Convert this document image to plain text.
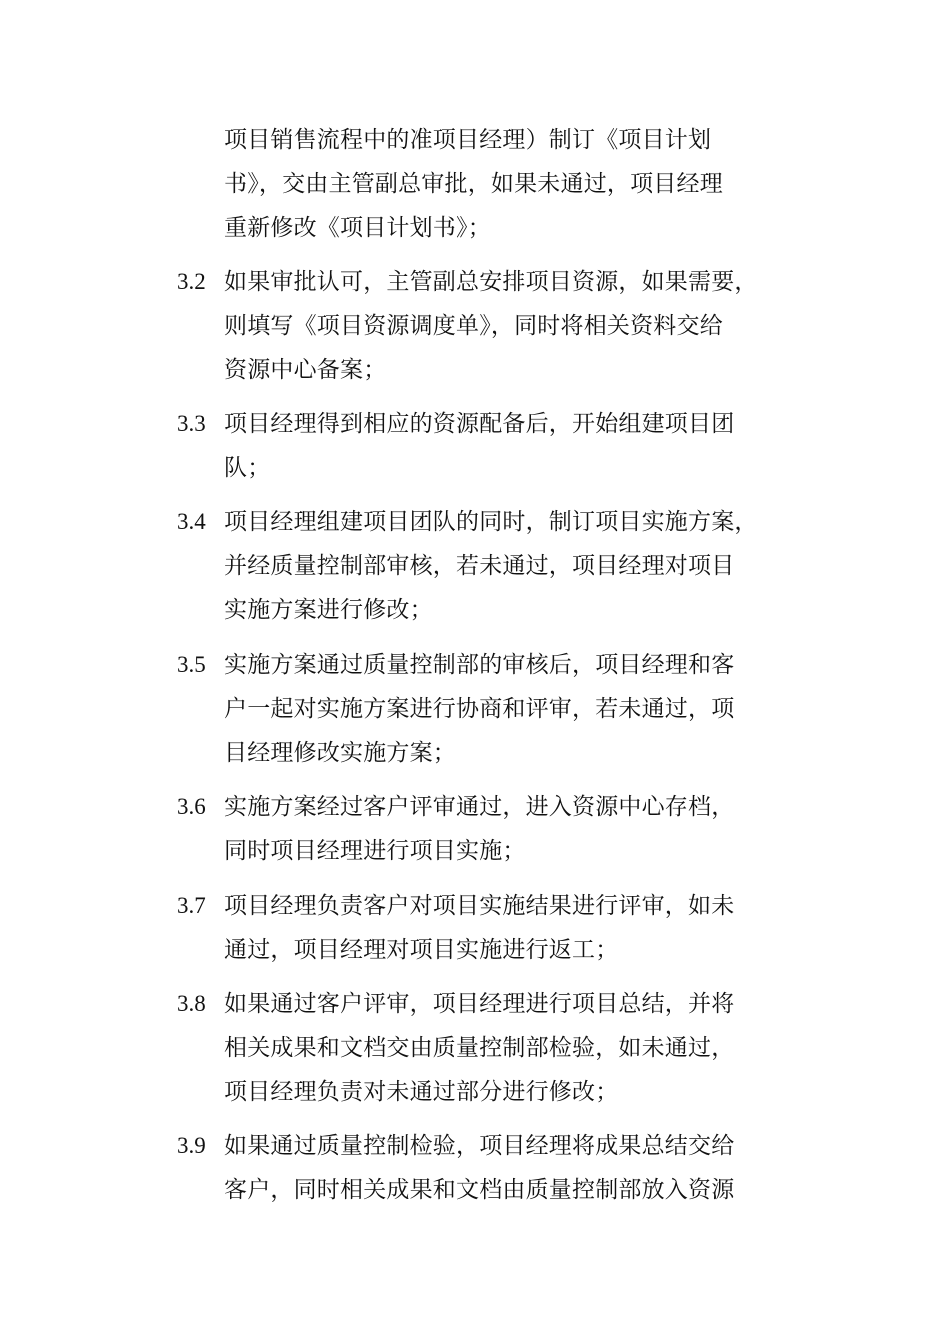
项目销售流程中的准项目经理）制订《项目计划
书》，交由主管副总审批，如果未通过，项目经理
重新修改《项目计划书》；
3.2 如果审批认可，主管副总安排项目资源，如果需要，
则填写《项目资源调度单》，同时将相关资料交给
资源中心备案；
3.3 项目经理得到相应的资源配备后，开始组建项目团
队；
3.4 项目经理组建项目团队的同时，制订项目实施方案，
并经质量控制部审核，若未通过，项目经理对项目
实施方案进行修改；
3.5 实施方案通过质量控制部的审核后，项目经理和客
户一起对实施方案进行协商和评审，若未通过，项
目经理修改实施方案；
3.6 实施方案经过客户评审通过，进入资源中心存档，
同时项目经理进行项目实施；
3.7 项目经理负责客户对项目实施结果进行评审，如未
通过，项目经理对项目实施进行返工；
3.8 如果通过客户评审，项目经理进行项目总结，并将
相关成果和文档交由质量控制部检验，如未通过，
项目经理负责对未通过部分进行修改；
3.9 如果通过质量控制检验，项目经理将成果总结交给
客户，同时相关成果和文档由质量控制部放入资源
